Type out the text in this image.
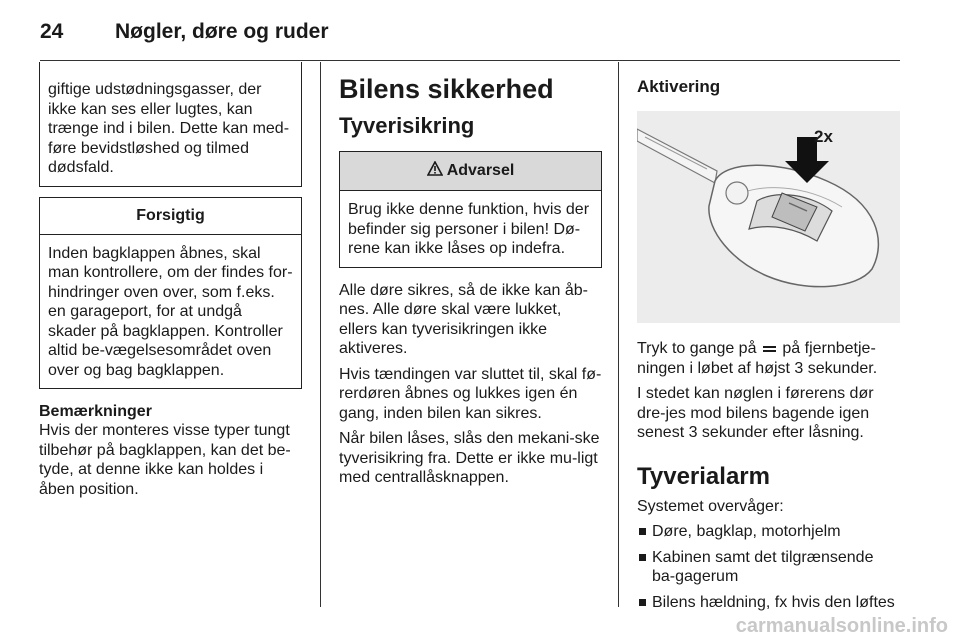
24	Nøgler, døre og ruder
giftige udstødningsgasser, der ikke kan ses eller lugtes, kan trænge ind i bilen. Dette kan med-føre bevidstløshed og tilmed dødsfald.
Forsigtig
Inden bagklappen åbnes, skal man kontrollere, om der findes for-hindringer oven over, som f.eks. en garageport, for at undgå skader på bagklappen. Kontroller altid be-vægelsesområdet oven over og bag bagklappen.
Bemærkninger

Hvis der monteres visse typer tungt tilbehør på bagklappen, kan det be-tyde, at denne ikke kan holdes i åben position.

Bilens sikkerhed
Tyverisikring
Advarsel
Brug ikke denne funktion, hvis der befinder sig personer i bilen! Dø-rene kan ikke låses op indefra.

Alle døre sikres, så de ikke kan åb-nes. Alle døre skal være lukket, ellers kan tyverisikringen ikke aktiveres.

Hvis tændingen var sluttet til, skal fø-rerdøren åbnes og lukkes igen én gang, inden bilen kan sikres.

Når bilen låses, slås den mekani-ske tyverisikring fra. Dette er ikke mu-ligt med centrallåsknappen.

Aktivering
2x

Tryk to gange på på fjernbetje-ningen i løbet af højst 3 sekunder.

I stedet kan nøglen i førerens dør dre-jes mod bilens bagende igen senest 3 sekunder efter låsning.

Tyverialarm

Systemet overvåger:

Døre, bagklap, motorhjelm
Kabinen samt det tilgrænsende ba-gagerum
Bilens hældning, fx hvis den løftes
carmanualsonline.info
